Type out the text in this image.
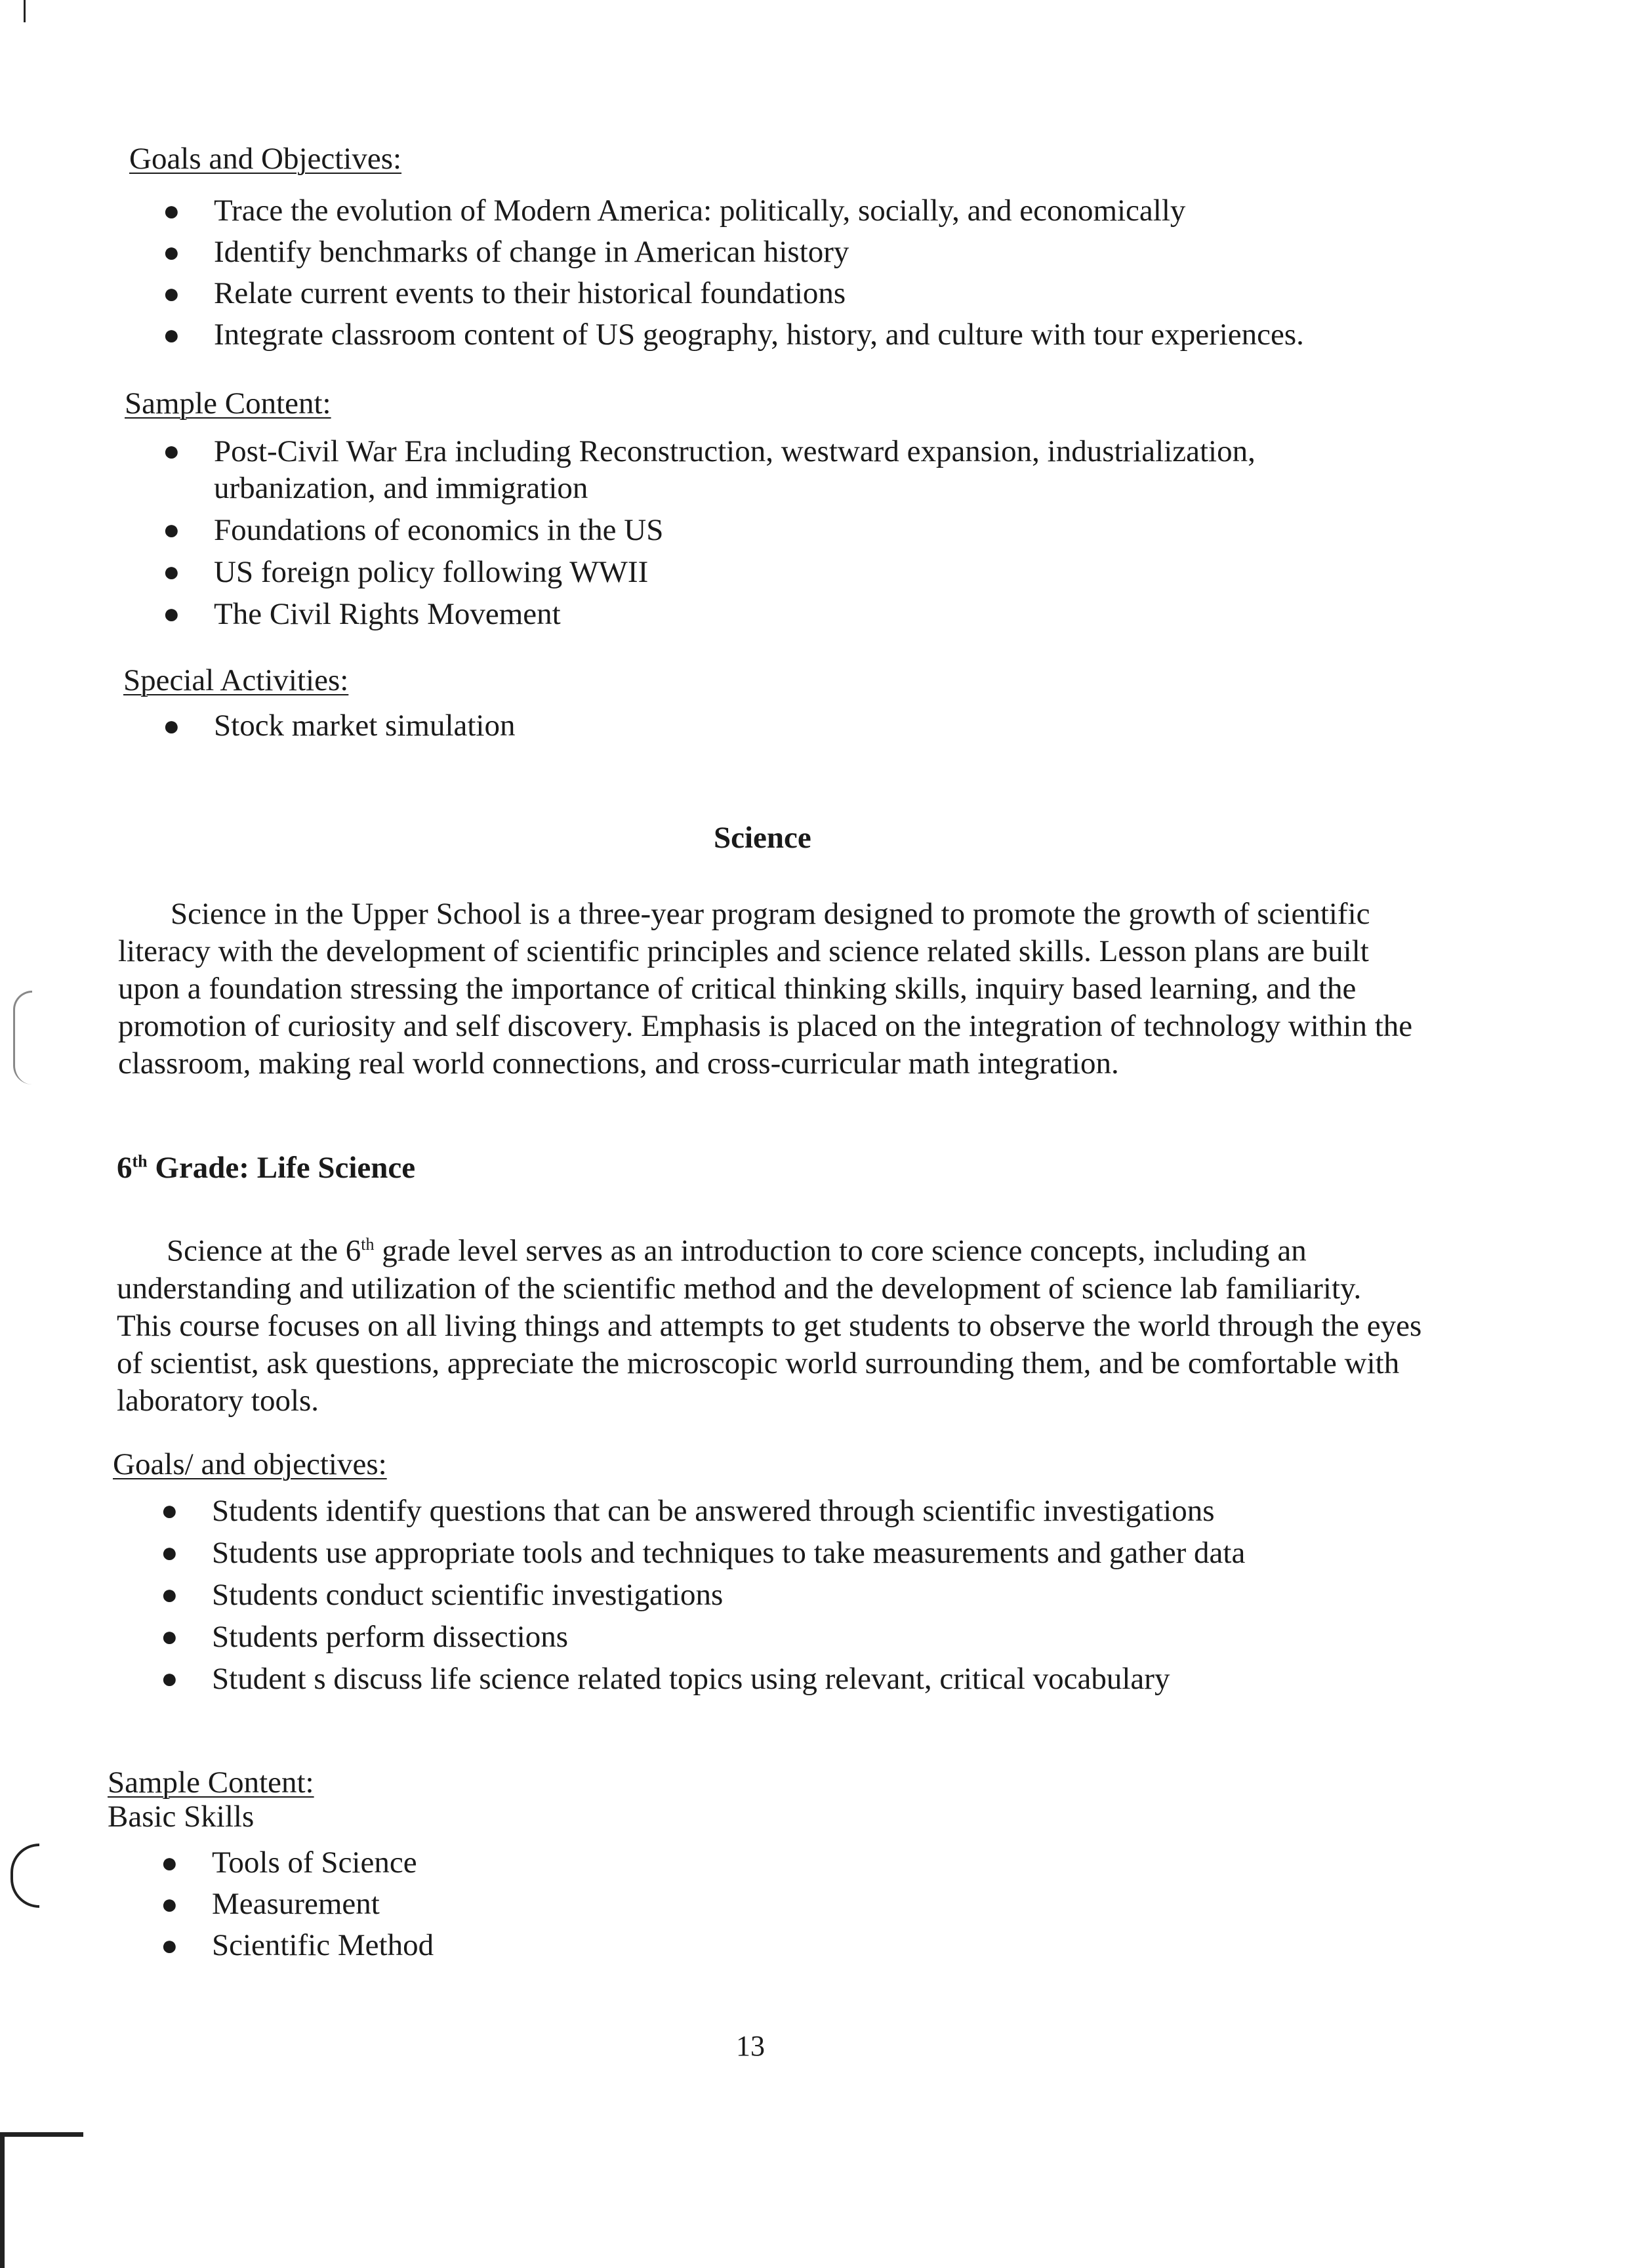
Goals and Objectives:
● Trace the evolution of Modern America: politically, socially, and economically
● Identify benchmarks of change in American history
● Relate current events to their historical foundations
● Integrate classroom content of US geography, history, and culture with tour experiences.
Sample Content:
● Post-Civil War Era including Reconstruction, westward expansion, industrialization, urbanization, and immigration
● Foundations of economics in the US
● US foreign policy following WWII
● The Civil Rights Movement
Special Activities:
● Stock market simulation
Science
Science in the Upper School is a three-year program designed to promote the growth of scientific literacy with the development of scientific principles and science related skills. Lesson plans are built upon a foundation stressing the importance of critical thinking skills, inquiry based learning, and the promotion of curiosity and self discovery. Emphasis is placed on the integration of technology within the classroom, making real world connections, and cross-curricular math integration.
6th Grade: Life Science
Science at the 6th grade level serves as an introduction to core science concepts, including an understanding and utilization of the scientific method and the development of science lab familiarity. This course focuses on all living things and attempts to get students to observe the world through the eyes of scientist, ask questions, appreciate the microscopic world surrounding them, and be comfortable with laboratory tools.
Goals/ and objectives:
● Students identify questions that can be answered through scientific investigations
● Students use appropriate tools and techniques to take measurements and gather data
● Students conduct scientific investigations
● Students perform dissections
● Student s discuss life science related topics using relevant, critical vocabulary
Sample Content:
Basic Skills
● Tools of Science
● Measurement
● Scientific Method
13
